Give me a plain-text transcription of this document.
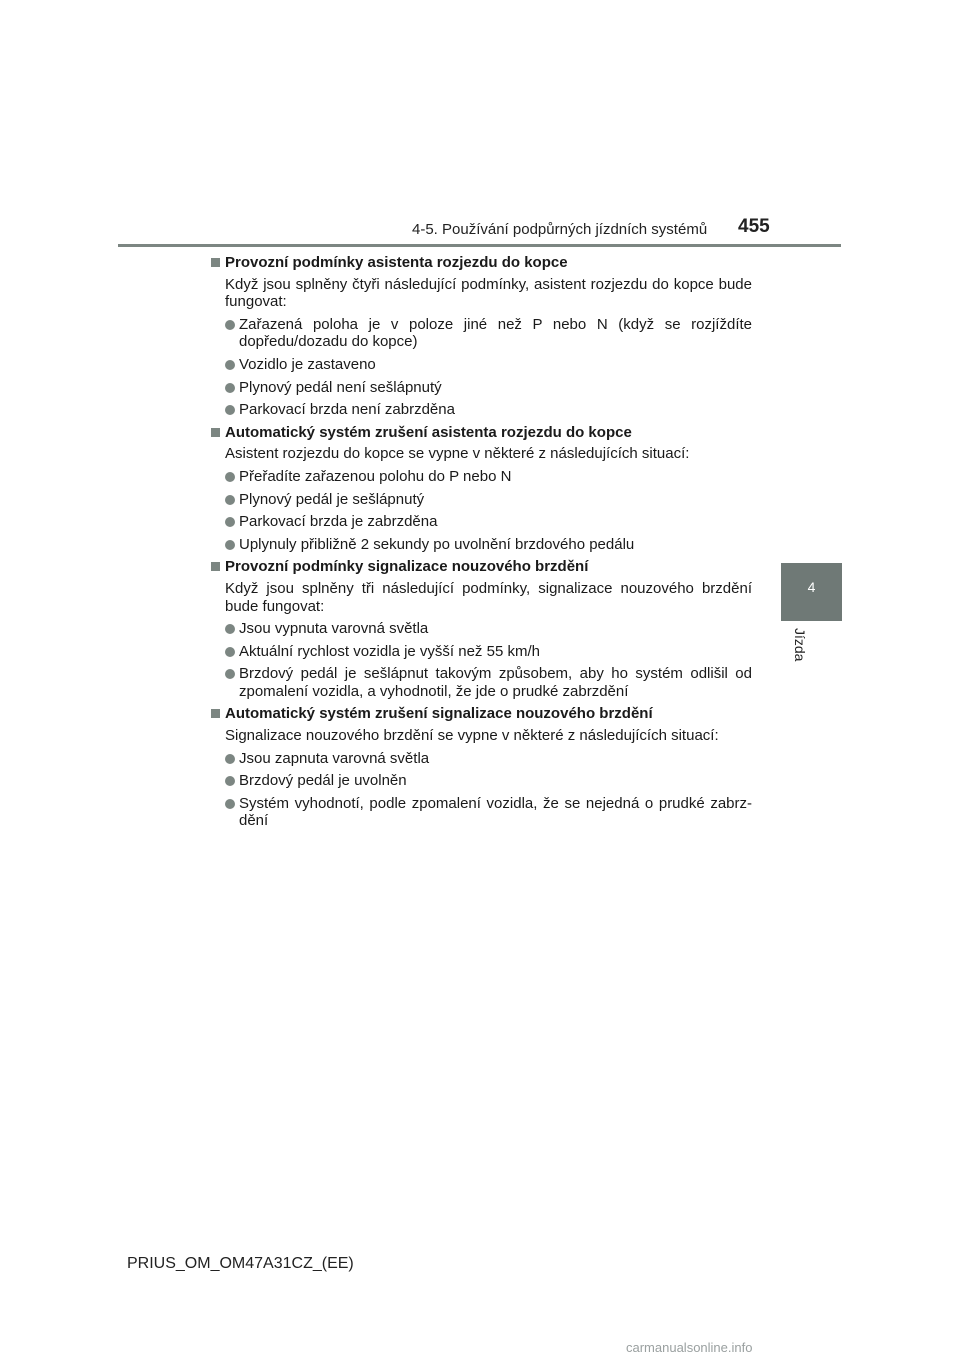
4-5. Používání podpůrných jízdních systémů 455
4
Jízda
Provozní podmínky asistenta rozjezdu do kopce
Když jsou splněny čtyři následující podmínky, asistent rozjezdu do kopce bude fungovat:
Zařazená poloha je v poloze jiné než P nebo N (když se rozjíždíte dopředu/dozadu do kopce)
Vozidlo je zastaveno
Plynový pedál není sešlápnutý
Parkovací brzda není zabrzděna
Automatický systém zrušení asistenta rozjezdu do kopce
Asistent rozjezdu do kopce se vypne v některé z následujících situací:
Přeřadíte zařazenou polohu do P nebo N
Plynový pedál je sešlápnutý
Parkovací brzda je zabrzděna
Uplynuly přibližně 2 sekundy po uvolnění brzdového pedálu
Provozní podmínky signalizace nouzového brzdění
Když jsou splněny tři následující podmínky, signalizace nouzového brzdění bude fungovat:
Jsou vypnuta varovná světla
Aktuální rychlost vozidla je vyšší než 55 km/h
Brzdový pedál je sešlápnut takovým způsobem, aby ho systém odlišil od zpomalení vozidla, a vyhodnotil, že jde o prudké zabrzdění
Automatický systém zrušení signalizace nouzového brzdění
Signalizace nouzového brzdění se vypne v některé z následujících situací:
Jsou zapnuta varovná světla
Brzdový pedál je uvolněn
Systém vyhodnotí, podle zpomalení vozidla, že se nejedná o prudké zabrz-dění
PRIUS_OM_OM47A31CZ_(EE)
carmanualsonline.info
